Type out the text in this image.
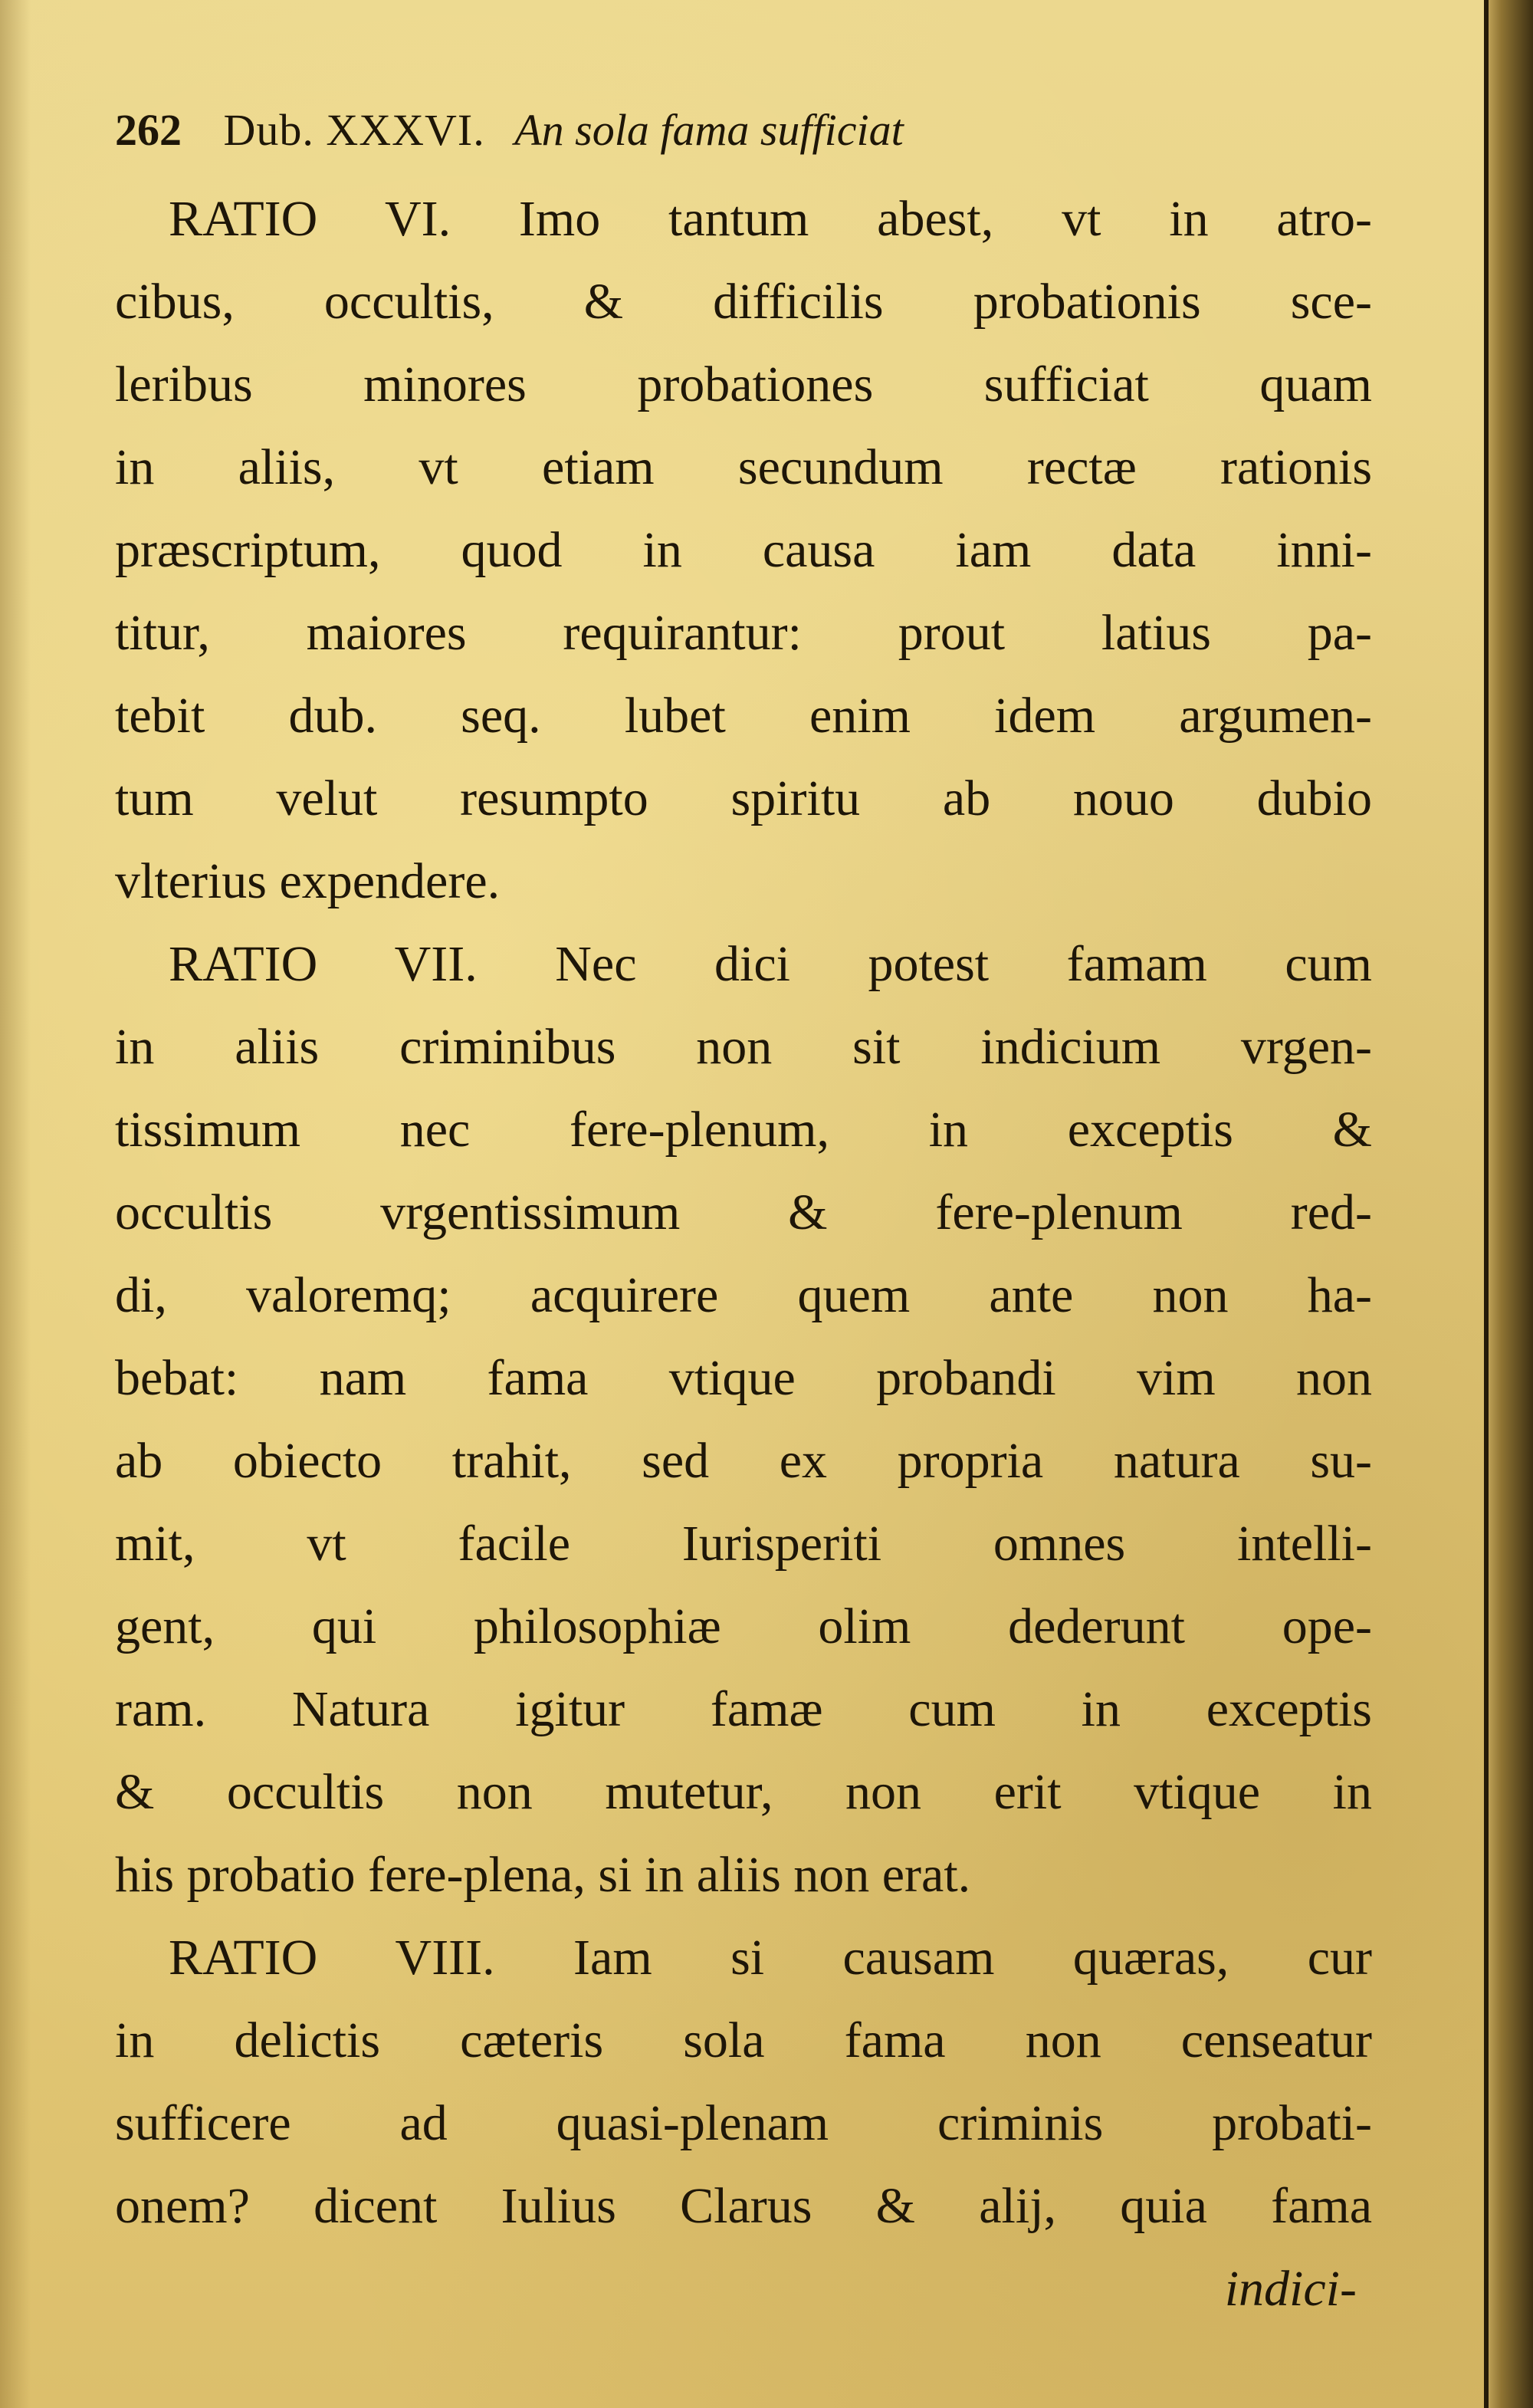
262 Dub. XXXVI. An sola fama sufficiat
RATIO VI. Imo tantum abest, vt in atro-
cibus, occultis, & difficilis probationis sce-
leribus minores probationes sufficiat quam
in aliis, vt etiam secundum rectæ rationis
præscriptum, quod in causa iam data inni-
titur, maiores requirantur: prout latius pa-
tebit dub. seq. lubet enim idem argumen-
tum velut resumpto spiritu ab nouo dubio
vlterius expendere.
RATIO VII. Nec dici potest famam cum
in aliis criminibus non sit indicium vrgen-
tissimum nec fere-plenum, in exceptis &
occultis vrgentissimum & fere-plenum red-
di, valoremq; acquirere quem ante non ha-
bebat: nam fama vtique probandi vim non
ab obiecto trahit, sed ex propria natura su-
mit, vt facile Iurisperiti omnes intelli-
gent, qui philosophiæ olim dederunt ope-
ram. Natura igitur famæ cum in exceptis
& occultis non mutetur, non erit vtique in
his probatio fere-plena, si in aliis non erat.
RATIO VIII. Iam si causam quæras, cur
in delictis cæteris sola fama non censeatur
sufficere ad quasi-plenam criminis probati-
onem? dicent Iulius Clarus & alij, quia fama
indici-
